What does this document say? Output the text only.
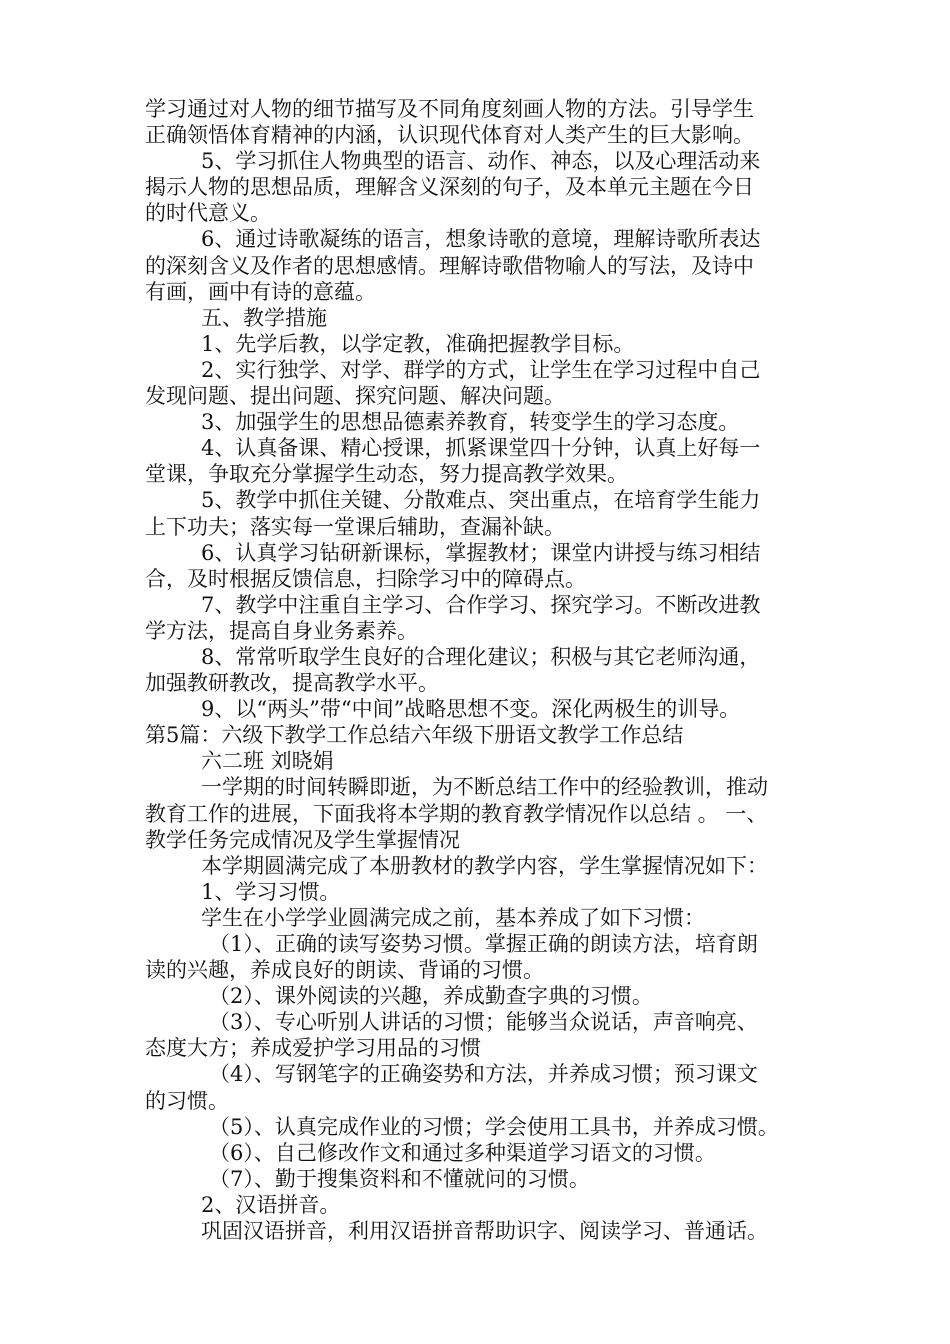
学习通过对人物的细节描写及不同角度刻画人物的方法。引导学生
正确领悟体育精神的内涵，认识现代体育对人类产生的巨大影响。
5、学习抓住人物典型的语言、动作、神态，以及心理活动来
揭示人物的思想品质，理解含义深刻的句子，及本单元主题在今日
的时代意义。
6、通过诗歌凝练的语言，想象诗歌的意境，理解诗歌所表达
的深刻含义及作者的思想感情。理解诗歌借物喻人的写法，及诗中
有画，画中有诗的意蕴。
五、教学措施
1、先学后教，以学定教，准确把握教学目标。
2、实行独学、对学、群学的方式，让学生在学习过程中自己
发现问题、提出问题、探究问题、解决问题。
3、加强学生的思想品德素养教育，转变学生的学习态度。
4、认真备课、精心授课，抓紧课堂四十分钟，认真上好每一
堂课，争取充分掌握学生动态，努力提高教学效果。
5、教学中抓住关键、分散难点、突出重点，在培育学生能力
上下功夫；落实每一堂课后辅助，查漏补缺。
6、认真学习钻研新课标，掌握教材；课堂内讲授与练习相结
合，及时根据反馈信息，扫除学习中的障碍点。
7、教学中注重自主学习、合作学习、探究学习。不断改进教
学方法，提高自身业务素养。
8、常常听取学生良好的合理化建议；积极与其它老师沟通，
加强教研教改，提高教学水平。
9、以“两头”带“中间”战略思想不变。深化两极生的训导。
第5篇：六级下教学工作总结六年级下册语文教学工作总结
六二班 刘晓娟
一学期的时间转瞬即逝，为不断总结工作中的经验教训，推动
教育工作的进展，下面我将本学期的教育教学情况作以总结 。 一、
教学任务完成情况及学生掌握情况
本学期圆满完成了本册教材的教学内容，学生掌握情况如下：
1、学习习惯。
学生在小学学业圆满完成之前，基本养成了如下习惯：
（1）、正确的读写姿势习惯。掌握正确的朗读方法，培育朗
读的兴趣，养成良好的朗读、背诵的习惯。
（2）、课外阅读的兴趣，养成勤查字典的习惯。
（3）、专心听别人讲话的习惯；能够当众说话，声音响亮、
态度大方；养成爱护学习用品的习惯
（4）、写钢笔字的正确姿势和方法，并养成习惯；预习课文
的习惯。
（5）、认真完成作业的习惯；学会使用工具书，并养成习惯。
（6）、自己修改作文和通过多种渠道学习语文的习惯。
（7）、勤于搜集资料和不懂就问的习惯。
2、汉语拼音。
巩固汉语拼音，利用汉语拼音帮助识字、阅读学习、普通话。
